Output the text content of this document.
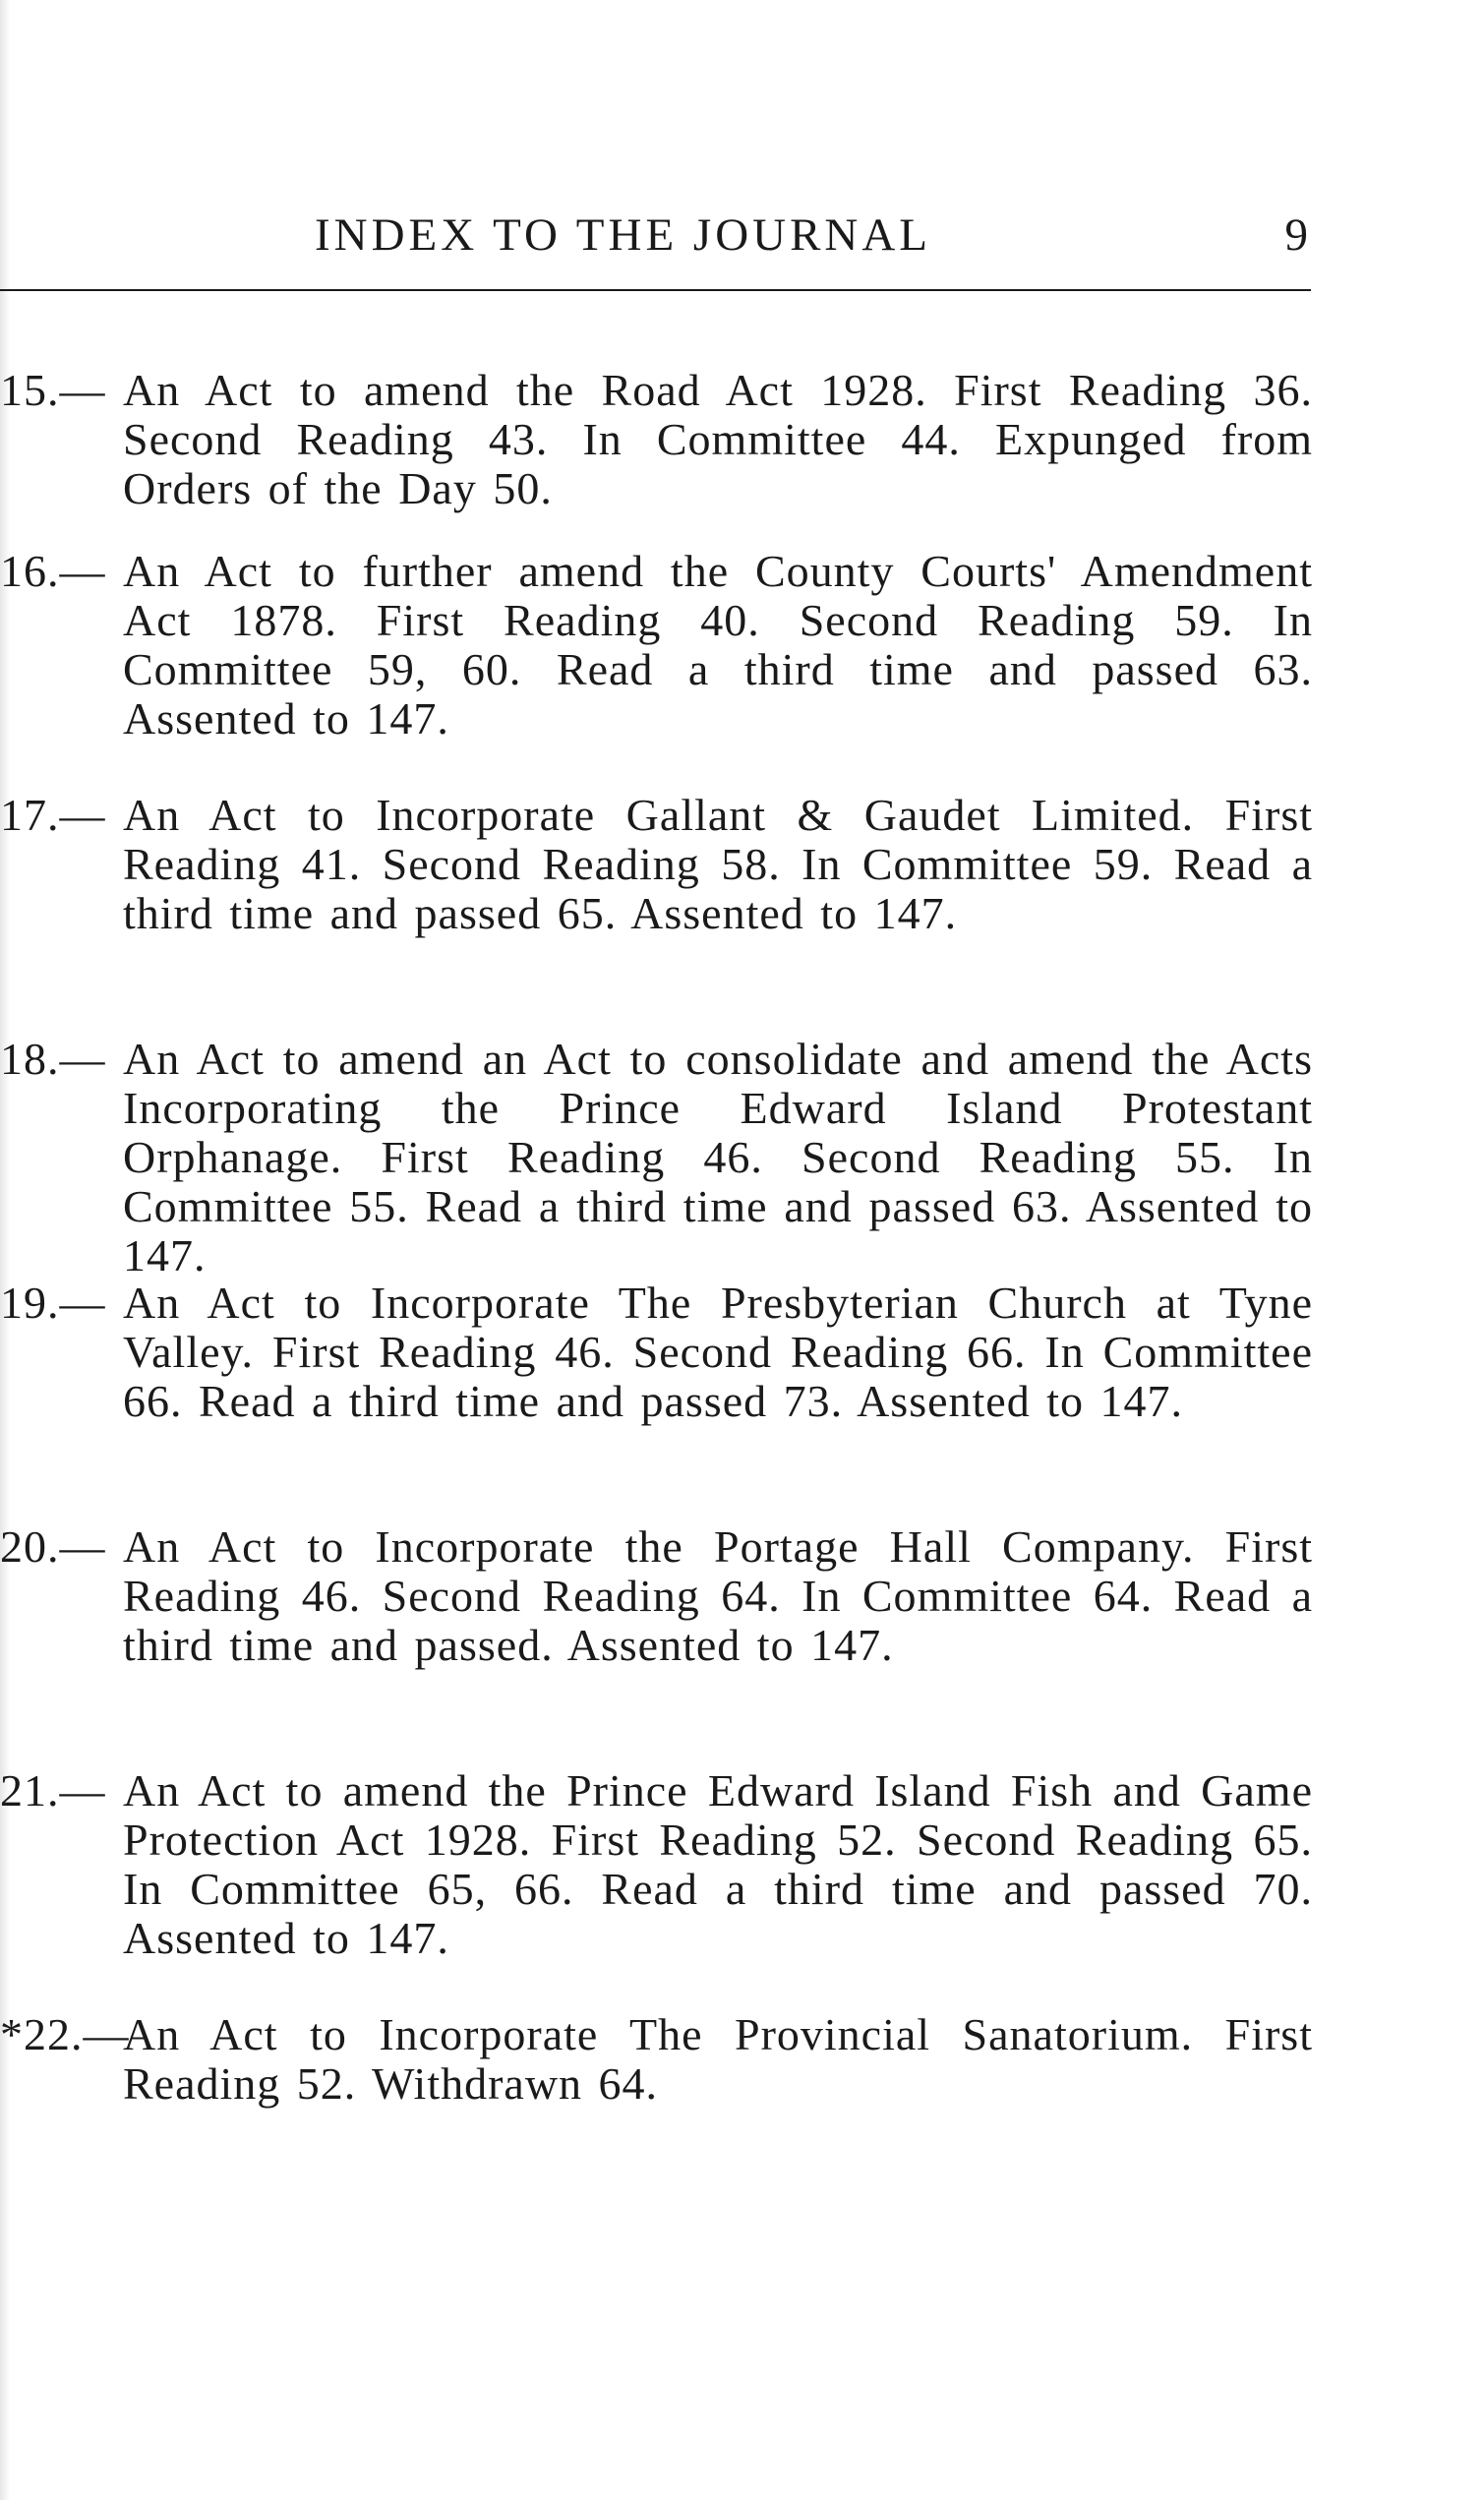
INDEX TO THE JOURNAL	9
15.— An Act to amend the Road Act 1928. First Reading 36. Second Reading 43. In Committee 44. Expunged from Orders of the Day 50.
16.— An Act to further amend the County Courts' Amendment Act 1878. First Reading 40. Second Reading 59. In Committee 59, 60. Read a third time and passed 63. Assented to 147.
17.— An Act to Incorporate Gallant & Gaudet Limited. First Reading 41. Second Reading 58. In Committee 59. Read a third time and passed 65. Assented to 147.
18.— An Act to amend an Act to consolidate and amend the Acts Incorporating the Prince Edward Island Protestant Orphanage. First Reading 46. Second Reading 55. In Committee 55. Read a third time and passed 63. Assented to 147.
19.— An Act to Incorporate The Presbyterian Church at Tyne Valley. First Reading 46. Second Reading 66. In Committee 66. Read a third time and passed 73. Assented to 147.
20.— An Act to Incorporate the Portage Hall Company. First Reading 46. Second Reading 64. In Committee 64. Read a third time and passed. Assented to 147.
21.— An Act to amend the Prince Edward Island Fish and Game Protection Act 1928. First Reading 52. Second Reading 65. In Committee 65, 66. Read a third time and passed 70. Assented to 147.
*22.—
An Act to Incorporate The Provincial Sanatorium. First Reading 52. Withdrawn 64.
